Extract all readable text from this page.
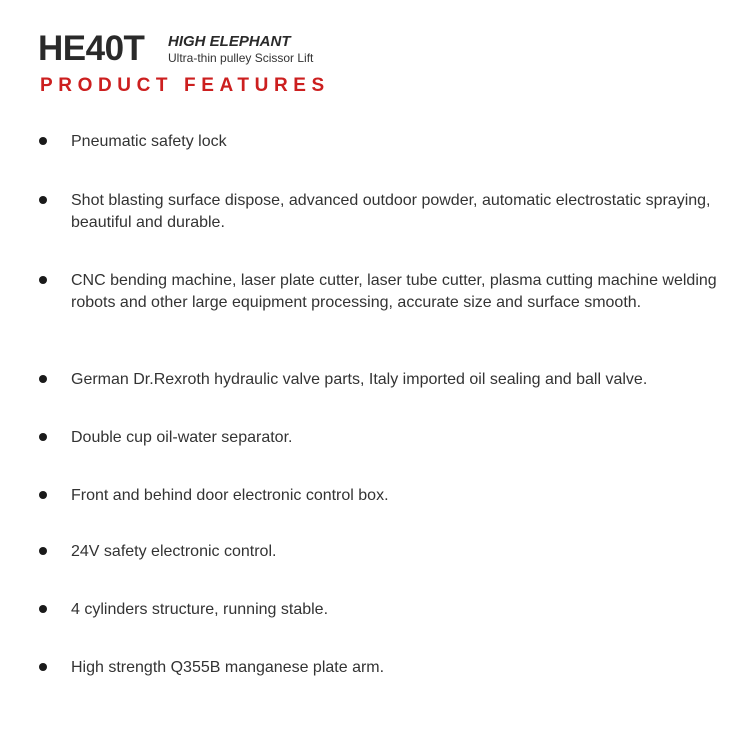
HE40T HIGH ELEPHANT
Ultra-thin pulley Scissor Lift
PRODUCT FEATURES
Pneumatic safety lock
Shot blasting surface dispose, advanced outdoor powder, automatic electrostatic spraying, beautiful and durable.
CNC bending machine, laser plate cutter, laser tube cutter, plasma cutting machine welding robots and other large equipment processing, accurate size and surface smooth.
German Dr.Rexroth hydraulic valve parts, Italy imported oil sealing and ball valve.
Double cup oil-water separator.
Front and behind door electronic control box.
24V safety electronic control.
4 cylinders structure, running stable.
High strength Q355B manganese plate arm.
